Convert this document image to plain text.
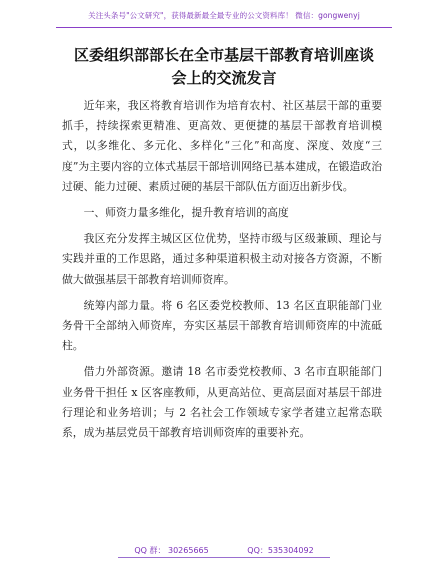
关注头条号"公文研究"，获得最新最全最专业的公文资料库！ 微信：gongwenyj
区委组织部部长在全市基层干部教育培训座谈
会上的交流发言

近年来，我区将教育培训作为培育农村、社区基层干部的重要抓手，持续探索更精准、更高效、更便捷的基层干部教育培训模式，以多维化、多元化、多样化“三化”和高度、深度、效度“三度”为主要内容的立体式基层干部培训网络已基本建成，在锻造政治过硬、能力过硬、素质过硬的基层干部队伍方面迈出新步伐。

一、师资力量多维化，提升教育培训的高度

我区充分发挥主城区区位优势，坚持市级与区级兼顾、理论与实践并重的工作思路，通过多种渠道积极主动对接各方资源，不断做大做强基层干部教育培训师资库。

统筹内部力量。将 6 名区委党校教师、13 名区直职能部门业务骨干全部纳入师资库，夯实区基层干部教育培训师资库的中流砥柱。

借力外部资源。邀请 18 名市委党校教师、3 名市直职能部门业务骨干担任 x 区客座教师，从更高站位、更高层面对基层干部进行理论和业务培训；与 2 名社会工作领域专家学者建立起常态联系，成为基层党员干部教育培训师资库的重要补充。

QQ 群： 30265665	QQ：535304092
